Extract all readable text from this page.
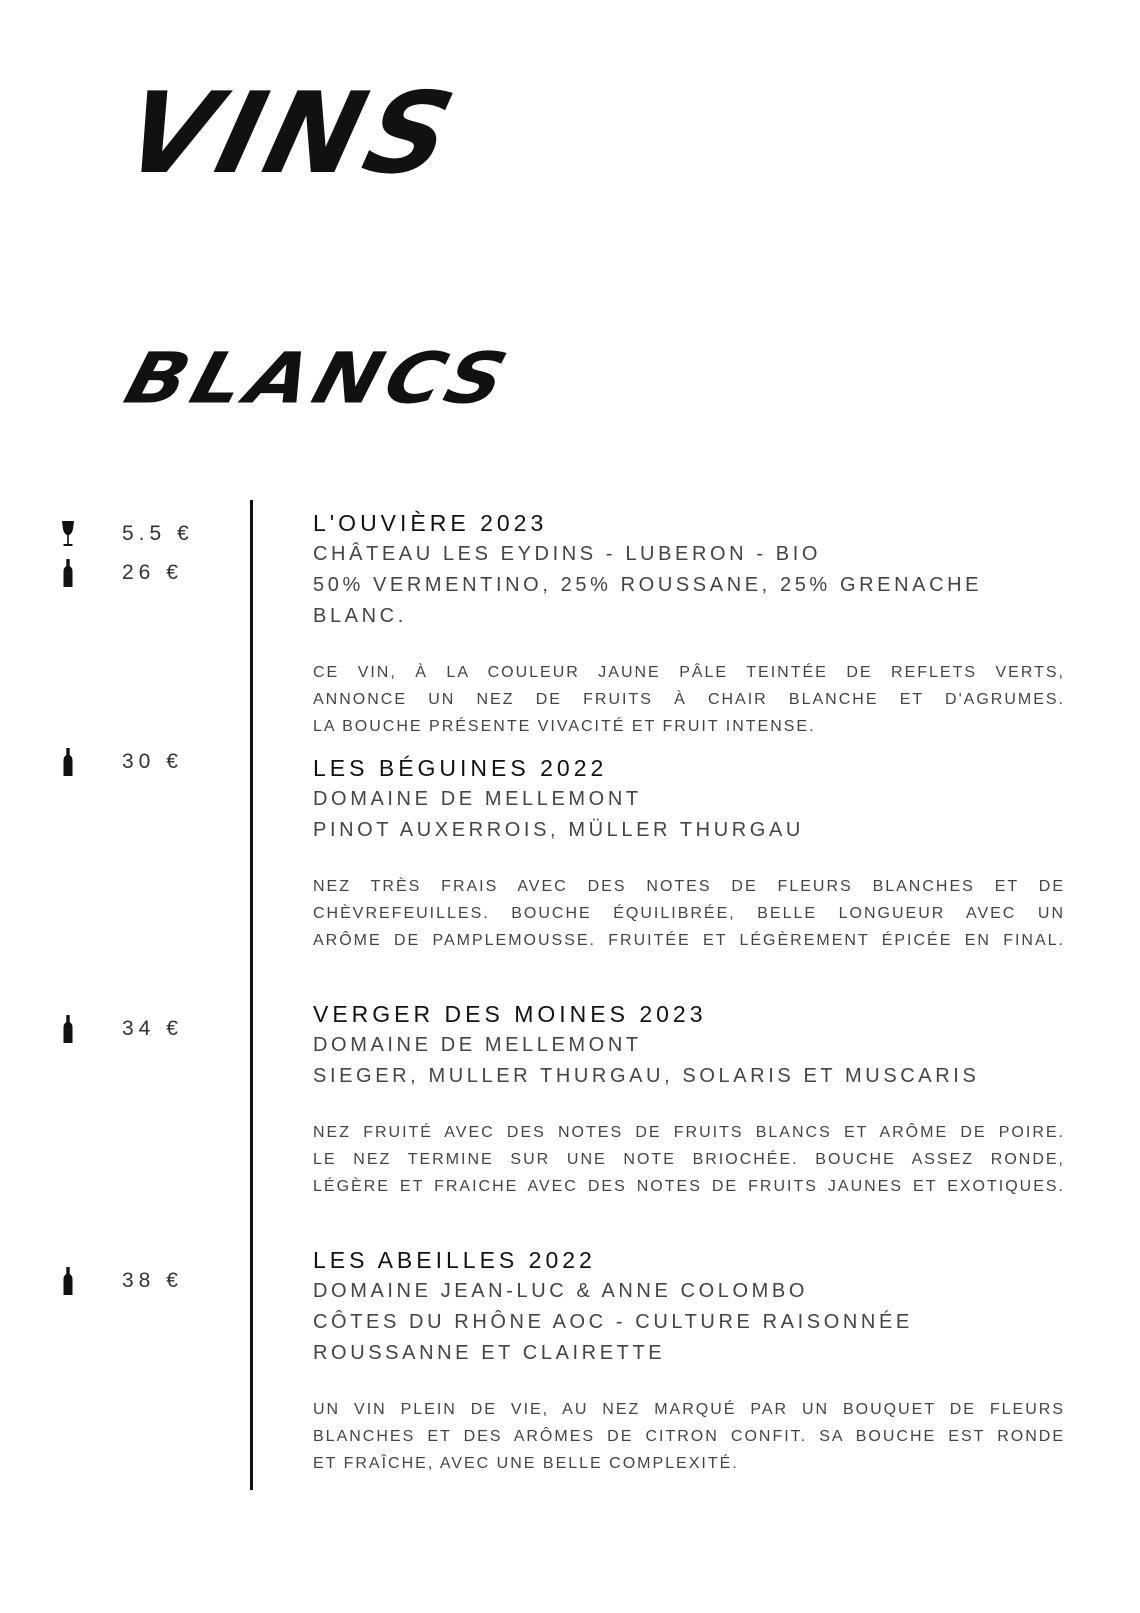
VINS
BLANCS
5.5 €
26 €
30 €
34 €
38 €

L'OUVIÈRE 2023

CHÂTEAU LES EYDINS - LUBERON - BIO

50% VERMENTINO, 25% ROUSSANE, 25% GRENACHE BLANC.

CE VIN, À LA COULEUR JAUNE PÂLE TEINTÉE DE REFLETS VERTS,
ANNONCE UN NEZ DE FRUITS À CHAIR BLANCHE ET D'AGRUMES.
LA BOUCHE PRÉSENTE VIVACITÉ ET FRUIT INTENSE.

LES BÉGUINES 2022

DOMAINE DE MELLEMONT

PINOT AUXERROIS, MÜLLER THURGAU

NEZ TRÈS FRAIS AVEC DES NOTES DE FLEURS BLANCHES ET DE
CHÈVREFEUILLES. BOUCHE ÉQUILIBRÉE, BELLE LONGUEUR AVEC UN
ARÔME DE PAMPLEMOUSSE. FRUITÉE ET LÉGÈREMENT ÉPICÉE EN FINAL.

VERGER DES MOINES 2023

DOMAINE DE MELLEMONT

SIEGER, MULLER THURGAU, SOLARIS ET MUSCARIS

NEZ FRUITÉ AVEC DES NOTES DE FRUITS BLANCS ET ARÔME DE POIRE.
LE NEZ TERMINE SUR UNE NOTE BRIOCHÉE. BOUCHE ASSEZ RONDE,
LÉGÈRE ET FRAICHE AVEC DES NOTES DE FRUITS JAUNES ET EXOTIQUES.

LES ABEILLES 2022

DOMAINE JEAN-LUC & ANNE COLOMBO

CÔTES DU RHÔNE AOC - CULTURE RAISONNÉE

ROUSSANNE ET CLAIRETTE

UN VIN PLEIN DE VIE, AU NEZ MARQUÉ PAR UN BOUQUET DE FLEURS
BLANCHES ET DES ARÔMES DE CITRON CONFIT. SA BOUCHE EST RONDE
ET FRAÎCHE, AVEC UNE BELLE COMPLEXITÉ.
